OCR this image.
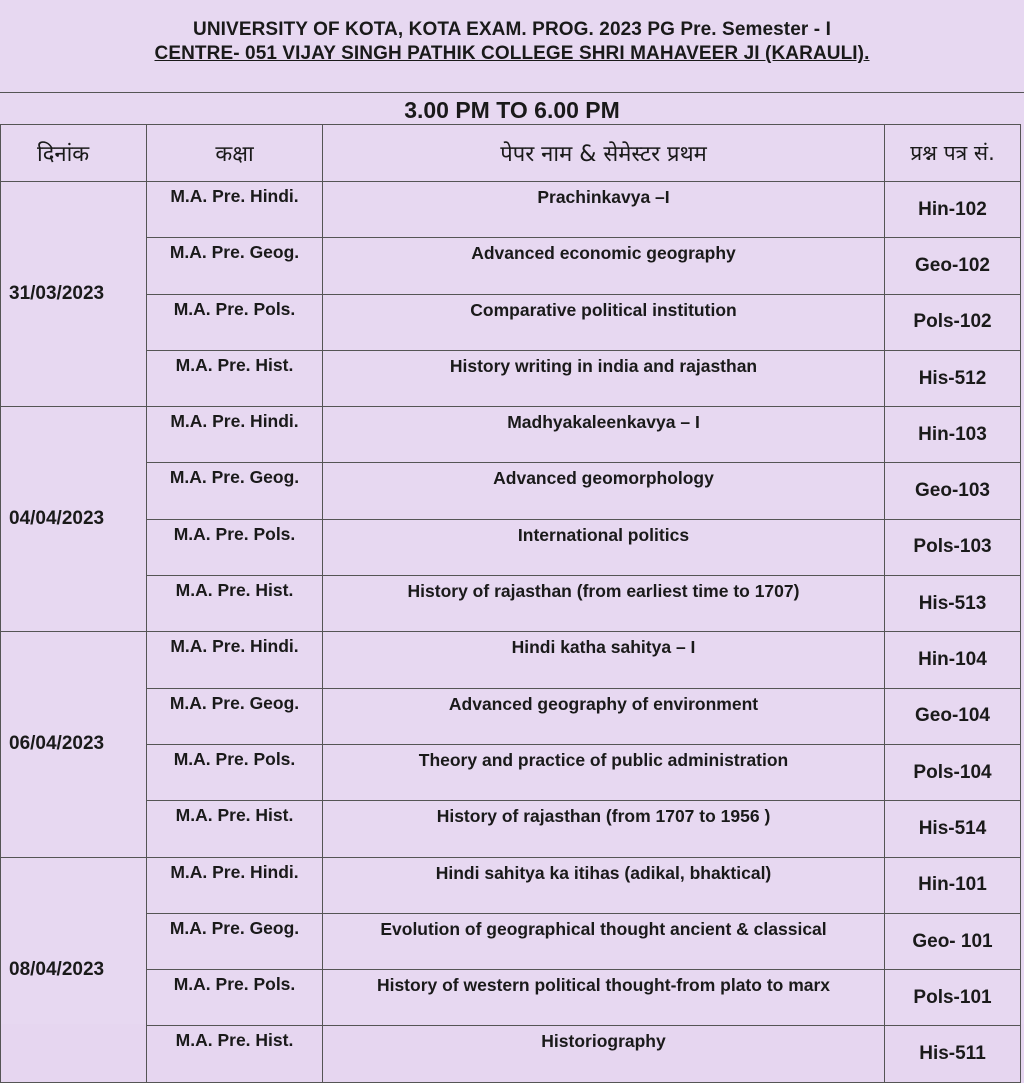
UNIVERSITY OF KOTA, KOTA EXAM. PROG. 2023 PG Pre. Semester - I
CENTRE- 051 VIJAY SINGH PATHIK COLLEGE SHRI MAHAVEER JI (KARAULI).
3.00 PM TO 6.00 PM
दिनांक	कक्षा	पेपर नाम & सेमेस्टर प्रथम	प्रश्न पत्र सं.
31/03/2023	M.A. Pre. Hindi.	Prachinkavya –I	Hin-102
	M.A. Pre. Geog.	Advanced economic geography	Geo-102
	M.A. Pre. Pols.	Comparative political institution	Pols-102
	M.A. Pre. Hist.	History writing in india and rajasthan	His-512
04/04/2023	M.A. Pre. Hindi.	Madhyakaleenkavya – I	Hin-103
	M.A. Pre. Geog.	Advanced geomorphology	Geo-103
	M.A. Pre. Pols.	International politics	Pols-103
	M.A. Pre. Hist.	History of rajasthan (from earliest time to 1707)	His-513
06/04/2023	M.A. Pre. Hindi.	Hindi katha sahitya – I	Hin-104
	M.A. Pre. Geog.	Advanced geography of environment	Geo-104
	M.A. Pre. Pols.	Theory and practice of public administration	Pols-104
	M.A. Pre. Hist.	History of rajasthan (from 1707 to 1956 )	His-514
08/04/2023	M.A. Pre. Hindi.	Hindi sahitya ka itihas (adikal, bhaktical)	Hin-101
	M.A. Pre. Geog.	Evolution of geographical thought ancient & classical	Geo- 101
	M.A. Pre. Pols.	History of western political thought-from plato to marx	Pols-101
	M.A. Pre. Hist.	Historiography	His-511
